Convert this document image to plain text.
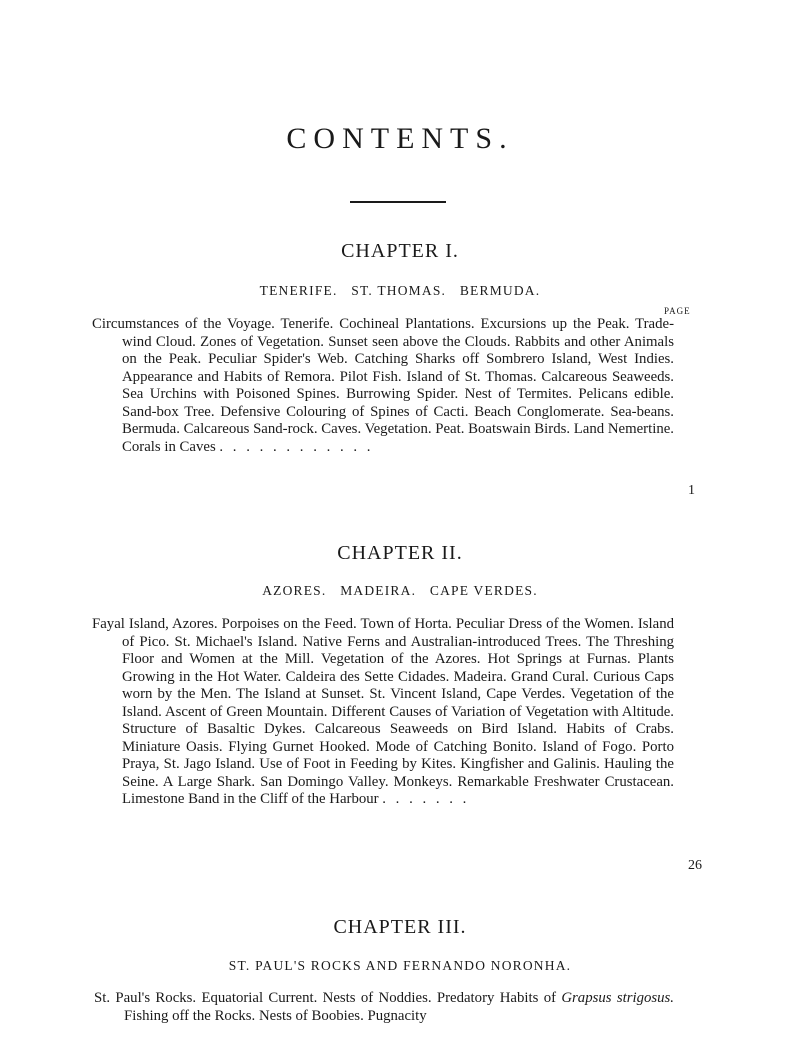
CONTENTS.
CHAPTER I.
TENERIFE.   ST. THOMAS.   BERMUDA.
PAGE
Circumstances of the Voyage. Tenerife. Cochineal Plantations. Excursions up the Peak. Trade-wind Cloud. Zones of Vegetation. Sunset seen above the Clouds. Rabbits and other Animals on the Peak. Peculiar Spider's Web. Catching Sharks off Sombrero Island, West Indies. Appearance and Habits of Remora. Pilot Fish. Island of St. Thomas. Calcareous Seaweeds. Sea Urchins with Poisoned Spines. Burrowing Spider. Nest of Termites. Pelicans edible. Sand-box Tree. Defensive Colouring of Spines of Cacti. Beach Conglomerate. Sea-beans. Bermuda. Calcareous Sand-rock. Caves. Vegetation. Peat. Boatswain Birds. Land Nemertine. Corals in Caves . . . . . . . . . . . .
1
CHAPTER II.
AZORES.   MADEIRA.   CAPE VERDES.
Fayal Island, Azores. Porpoises on the Feed. Town of Horta. Peculiar Dress of the Women. Island of Pico. St. Michael's Island. Native Ferns and Australian-introduced Trees. The Threshing Floor and Women at the Mill. Vegetation of the Azores. Hot Springs at Furnas. Plants Growing in the Hot Water. Caldeira des Sette Cidades. Madeira. Grand Cural. Curious Caps worn by the Men. The Island at Sunset. St. Vincent Island, Cape Verdes. Vegetation of the Island. Ascent of Green Mountain. Different Causes of Variation of Vegetation with Altitude. Structure of Basaltic Dykes. Calcareous Seaweeds on Bird Island. Habits of Crabs. Miniature Oasis. Flying Gurnet Hooked. Mode of Catching Bonito. Island of Fogo. Porto Praya, St. Jago Island. Use of Foot in Feeding by Kites. Kingfisher and Galinis. Hauling the Seine. A Large Shark. San Domingo Valley. Monkeys. Remarkable Freshwater Crustacean. Limestone Band in the Cliff of the Harbour . . . . . . .
26
CHAPTER III.
ST. PAUL'S ROCKS AND FERNANDO NORONHA.
St. Paul's Rocks. Equatorial Current. Nests of Noddies. Predatory Habits of Grapsus strigosus. Fishing off the Rocks. Nests of Boobies. Pugnacity
